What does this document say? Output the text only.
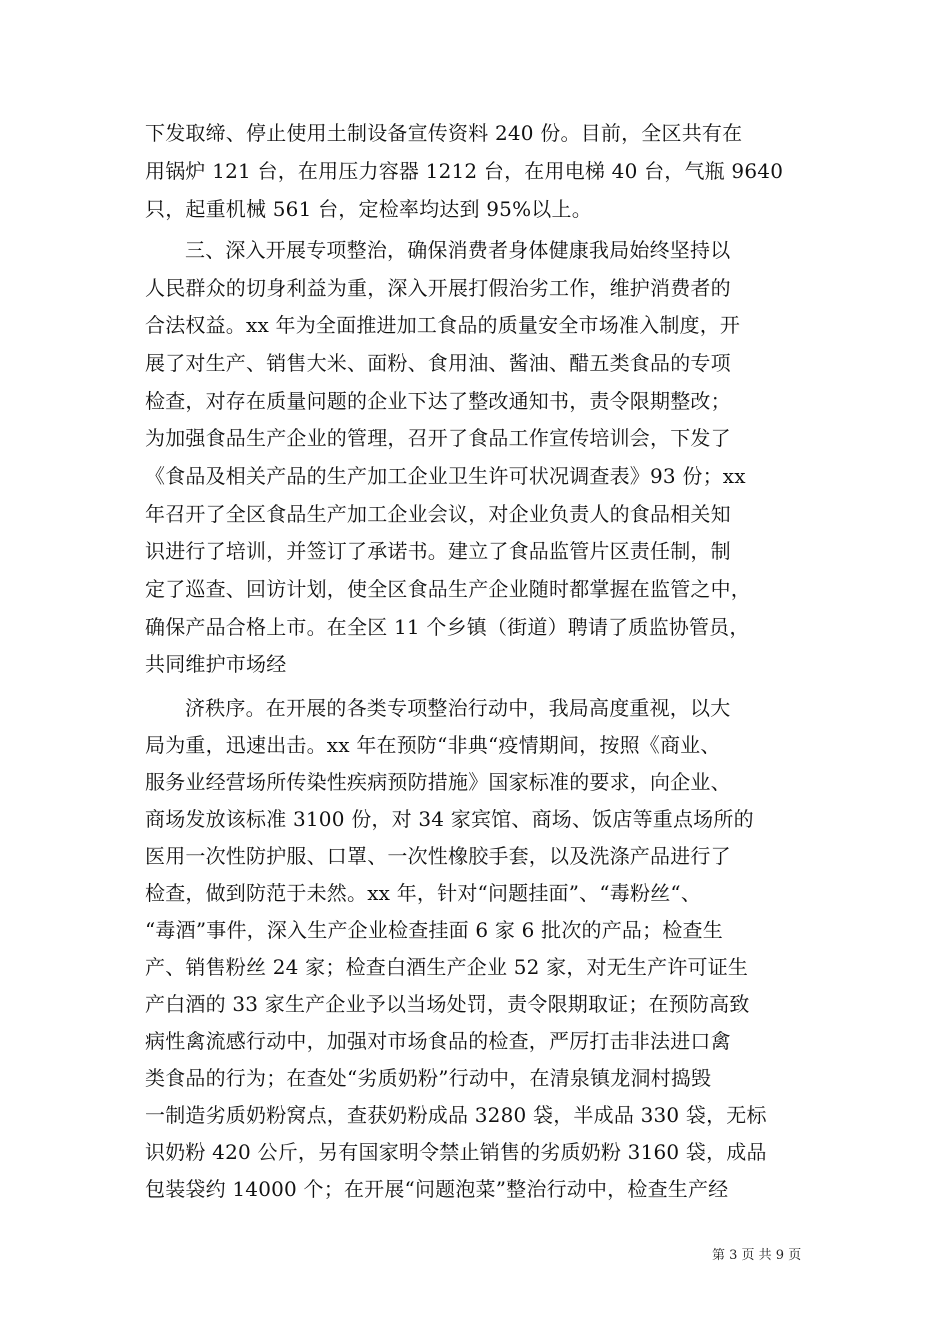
下发取缔、停止使用土制设备宣传资料 240 份。目前，全区共有在
用锅炉 121 台，在用压力容器 1212 台，在用电梯 40 台，气瓶 9640
只，起重机械 561 台，定检率均达到 95%以上。
三、深入开展专项整治，确保消费者身体健康我局始终坚持以
人民群众的切身利益为重，深入开展打假治劣工作，维护消费者的
合法权益。xx 年为全面推进加工食品的质量安全市场准入制度，开
展了对生产、销售大米、面粉、食用油、酱油、醋五类食品的专项
检查，对存在质量问题的企业下达了整改通知书，责令限期整改；
为加强食品生产企业的管理，召开了食品工作宣传培训会，下发了
《食品及相关产品的生产加工企业卫生许可状况调查表》93 份；xx
年召开了全区食品生产加工企业会议，对企业负责人的食品相关知
识进行了培训，并签订了承诺书。建立了食品监管片区责任制，制
定了巡查、回访计划，使全区食品生产企业随时都掌握在监管之中，
确保产品合格上市。在全区 11 个乡镇（街道）聘请了质监协管员，
共同维护市场经
济秩序。在开展的各类专项整治行动中，我局高度重视，以大
局为重，迅速出击。xx 年在预防“非典“疫情期间，按照《商业、
服务业经营场所传染性疾病预防措施》国家标准的要求，向企业、
商场发放该标准 3100 份，对 34 家宾馆、商场、饭店等重点场所的
医用一次性防护服、口罩、一次性橡胶手套，以及洗涤产品进行了
检查，做到防范于未然。xx 年，针对“问题挂面”、“毒粉丝“、
“毒酒”事件，深入生产企业检查挂面 6 家 6 批次的产品；检查生
产、销售粉丝 24 家；检查白酒生产企业 52 家，对无生产许可证生
产白酒的 33 家生产企业予以当场处罚，责令限期取证；在预防高致
病性禽流感行动中，加强对市场食品的检查，严厉打击非法进口禽
类食品的行为；在查处“劣质奶粉”行动中，在清泉镇龙洞村捣毁
一制造劣质奶粉窝点，查获奶粉成品 3280 袋，半成品 330 袋，无标
识奶粉 420 公斤，另有国家明令禁止销售的劣质奶粉 3160 袋，成品
包装袋约 14000 个；在开展“问题泡菜”整治行动中，检查生产经
第 3 页 共 9 页
